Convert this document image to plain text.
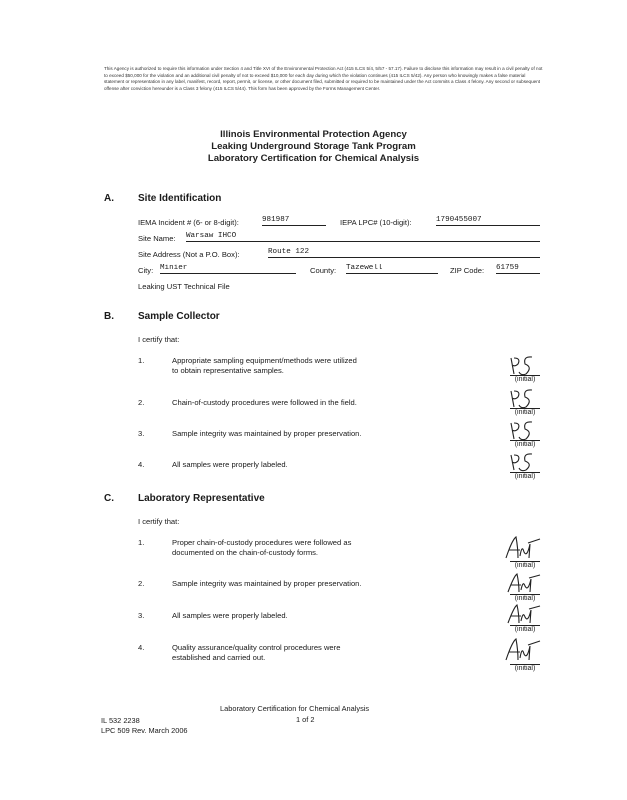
This Agency is authorized to require this information under Section 4 and Title XVI of the Environmental Protection Act (415 ILCS 5/4, 5/57 - 57.17). Failure to disclose this information may result in a civil penalty of not to exceed $50,000 for the violation and an additional civil penalty of not to exceed $10,000 for each day during which the violation continues (415 ILCS 5/42). Any person who knowingly makes a false material statement or representation in any label, manifest, record, report, permit, or license, or other document filed, submitted or required to be maintained under the Act commits a Class 4 felony. Any second or subsequent offense after conviction hereunder is a Class 3 felony (415 ILCS 5/44). This form has been approved by the Forms Management Center.
Illinois Environmental Protection Agency
Leaking Underground Storage Tank Program
Laboratory Certification for Chemical Analysis
A. Site Identification
IEMA Incident # (6- or 8-digit):	981987	IEPA LPC# (10-digit):	1790455007
Site Name: Warsaw IHCO
Site Address (Not a P.O. Box):	Route 122
City: Minier	County: Tazewell	ZIP Code: 61759
Leaking UST Technical File
B. Sample Collector
I certify that:
1.	Appropriate sampling equipment/methods were utilized
to obtain representative samples.
(initial)
2.	Chain-of-custody procedures were followed in the field.
(initial)
3.	Sample integrity was maintained by proper preservation.
(initial)
4.	All samples were properly labeled.
(initial)
C. Laboratory Representative
I certify that:
1.	Proper chain-of-custody procedures were followed as
documented on the chain-of-custody forms.
(initial)
2.	Sample integrity was maintained by proper preservation.
(initial)
3.	All samples were properly labeled.
(initial)
4.	Quality assurance/quality control procedures were
established and carried out.
(initial)
Laboratory Certification for Chemical Analysis
1 of 2
IL 532 2238
LPC 509 Rev. March 2006
